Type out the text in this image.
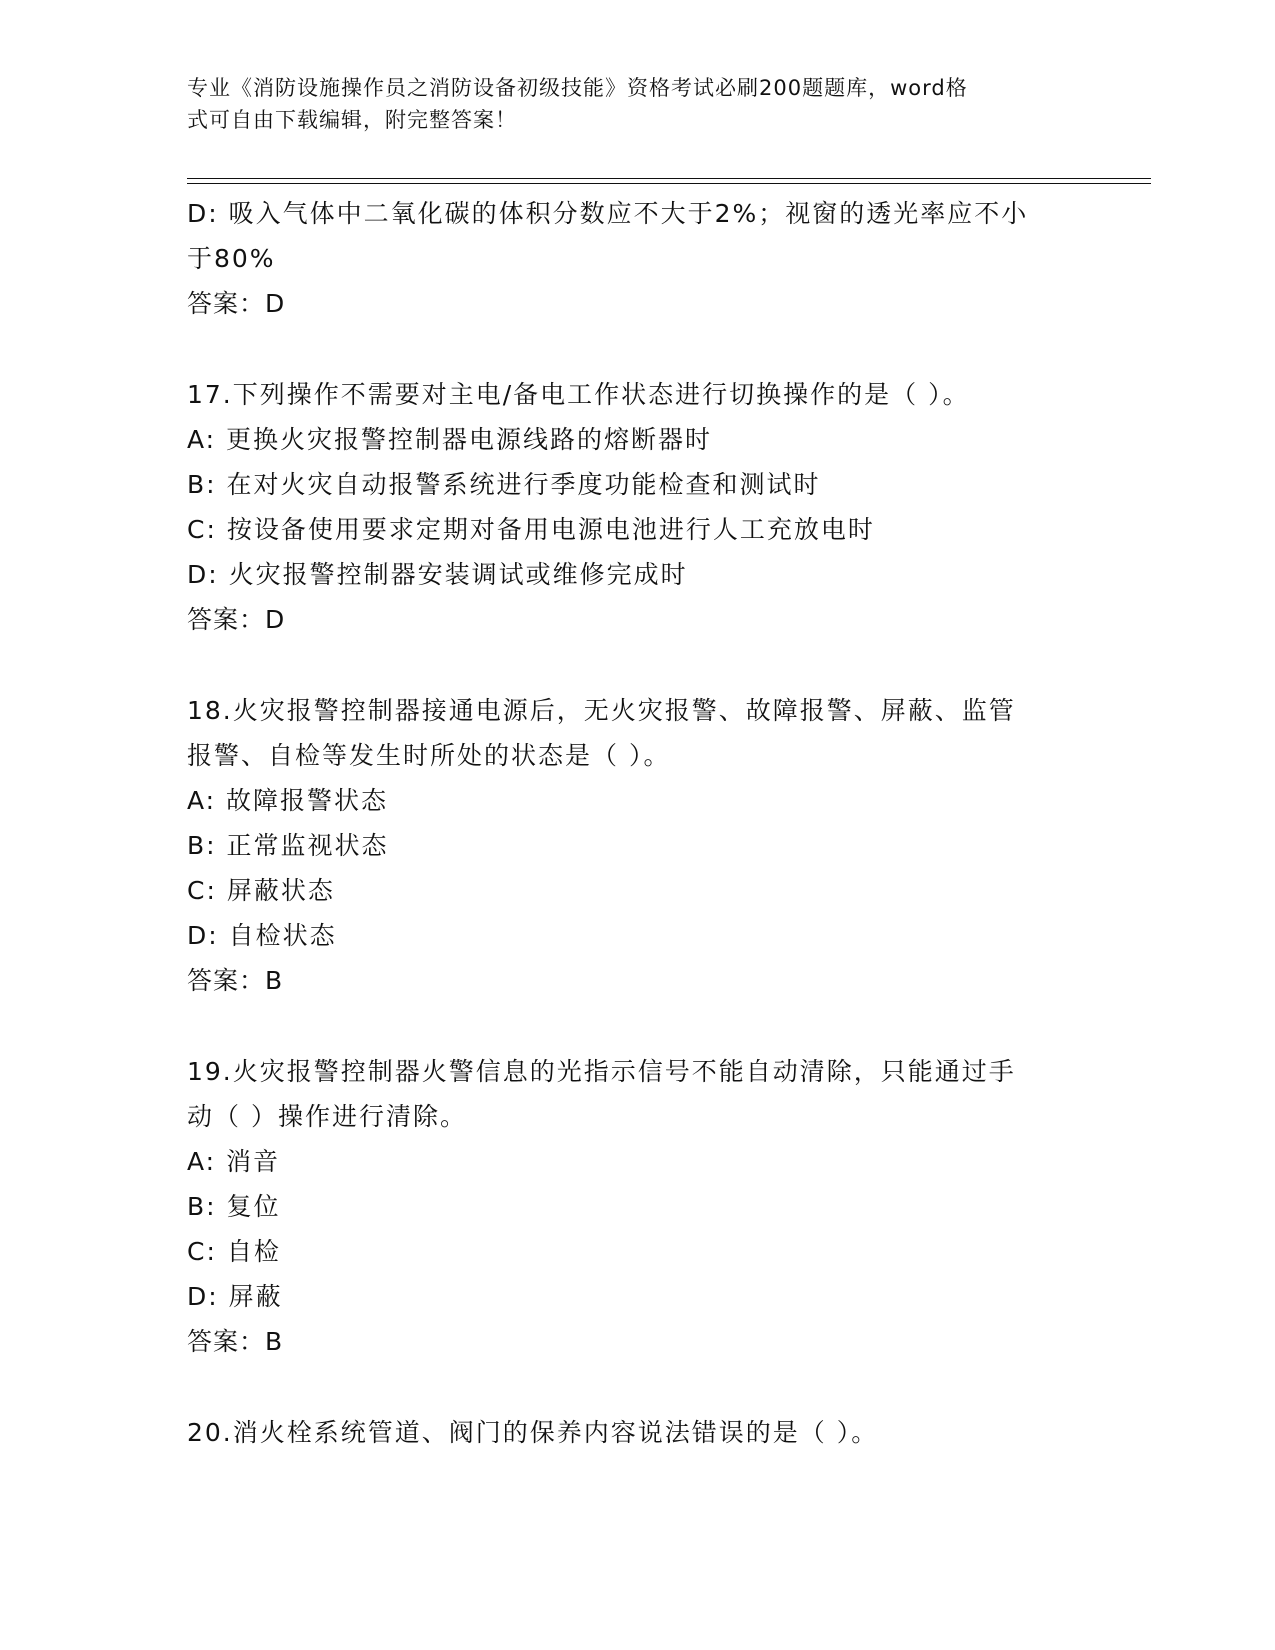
专业《消防设施操作员之消防设备初级技能》资格考试必刷200题题库，word格
式可自由下载编辑，附完整答案！
D: 吸入气体中二氧化碳的体积分数应不大于2%；视窗的透光率应不小
于80%
答案：D
17.下列操作不需要对主电/备电工作状态进行切换操作的是（ ）。
A: 更换火灾报警控制器电源线路的熔断器时
B: 在对火灾自动报警系统进行季度功能检查和测试时
C: 按设备使用要求定期对备用电源电池进行人工充放电时
D: 火灾报警控制器安装调试或维修完成时
答案：D
18.火灾报警控制器接通电源后，无火灾报警、故障报警、屏蔽、监管
报警、自检等发生时所处的状态是（ ）。
A: 故障报警状态
B: 正常监视状态
C: 屏蔽状态
D: 自检状态
答案：B
19.火灾报警控制器火警信息的光指示信号不能自动清除，只能通过手
动（ ）操作进行清除。
A: 消音
B: 复位
C: 自检
D: 屏蔽
答案：B
20.消火栓系统管道、阀门的保养内容说法错误的是（ ）。
